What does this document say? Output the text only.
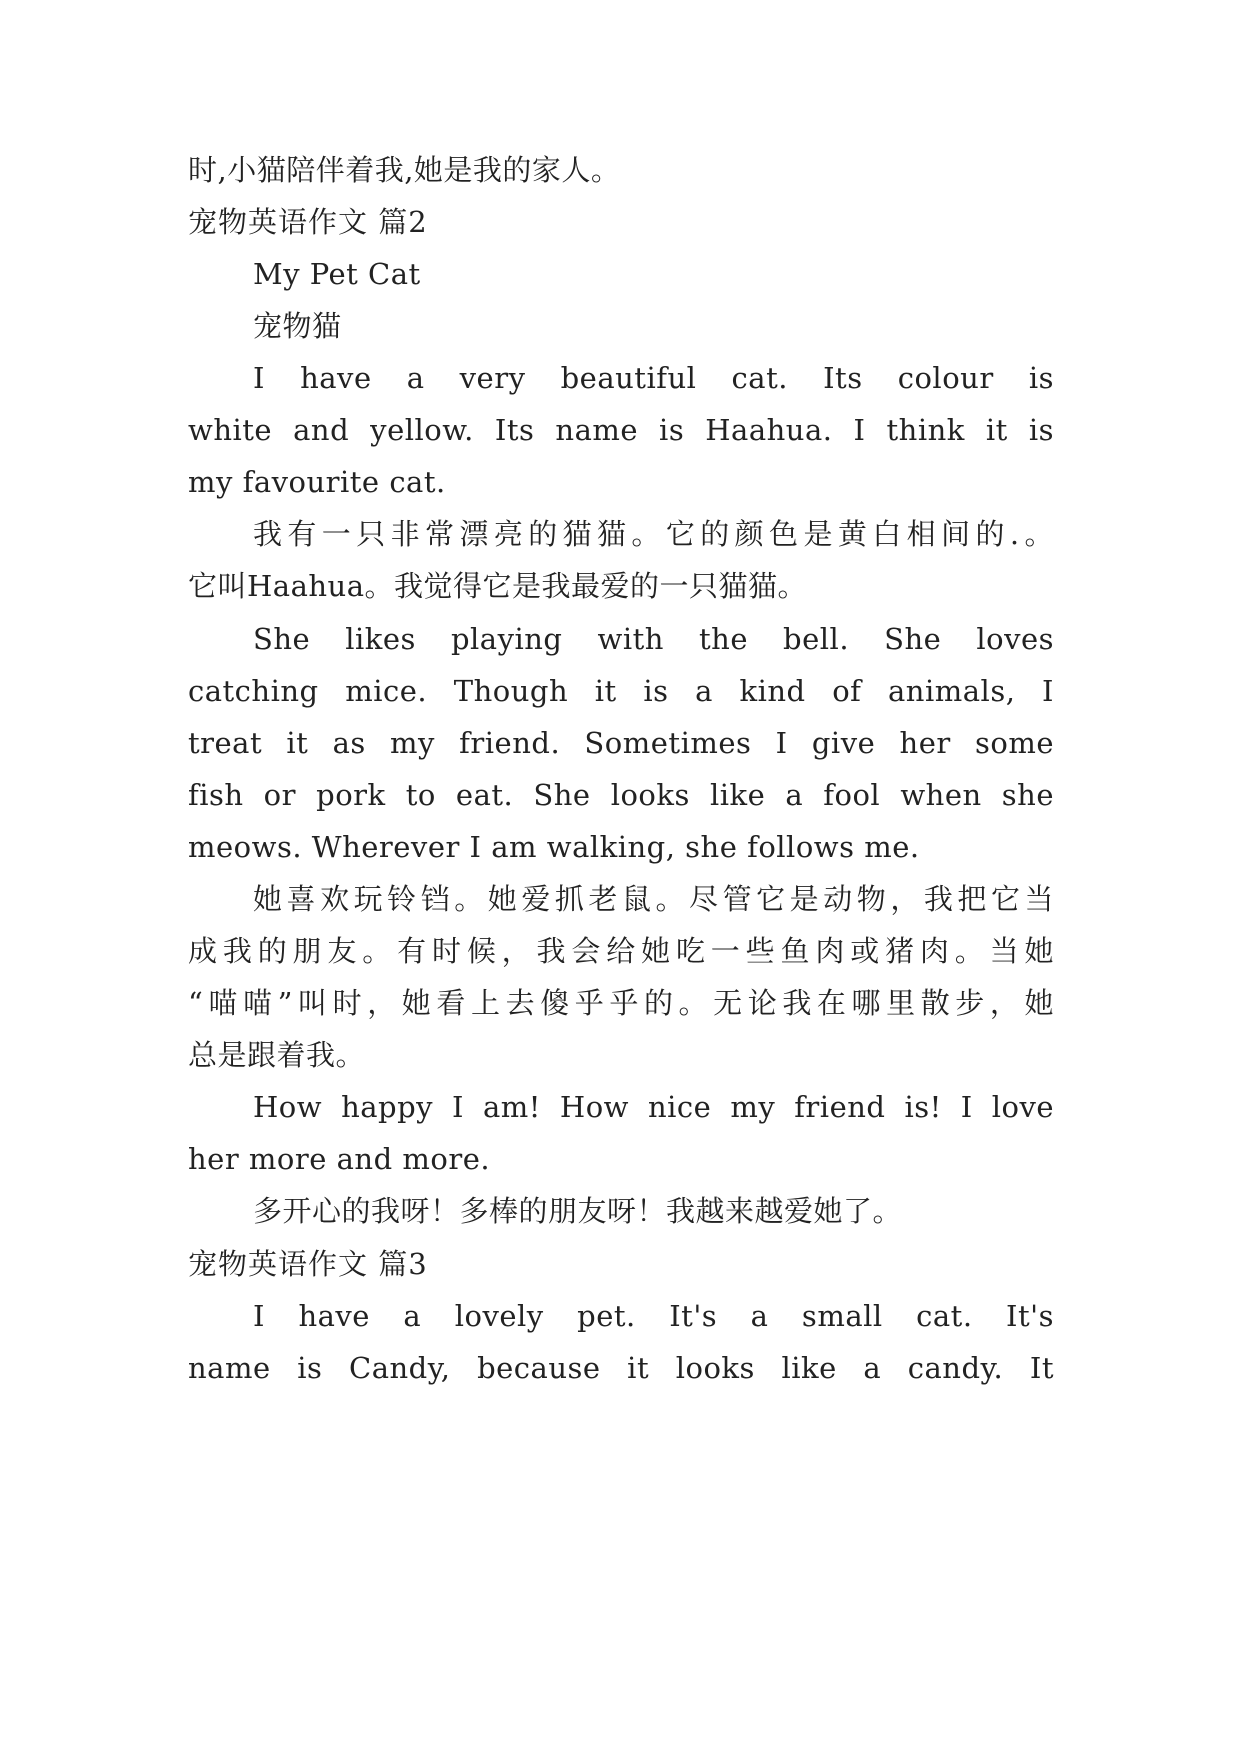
时,小猫陪伴着我,她是我的家人。
宠物英语作文 篇2
My Pet Cat
宠物猫
I have a very beautiful cat. Its colour is
white and yellow. Its name is Haahua. I think it is
my favourite cat.
我有一只非常漂亮的猫猫。它的颜色是黄白相间的.。
它叫Haahua。我觉得它是我最爱的一只猫猫。
She likes playing with the bell. She loves
catching mice. Though it is a kind of animals, I
treat it as my friend. Sometimes I give her some
fish or pork to eat. She looks like a fool when she
meows. Wherever I am walking, she follows me.
她喜欢玩铃铛。她爱抓老鼠。尽管它是动物，我把它当
成我的朋友。有时候，我会给她吃一些鱼肉或猪肉。当她
“喵喵”叫时，她看上去傻乎乎的。无论我在哪里散步，她
总是跟着我。
How happy I am! How nice my friend is! I love
her more and more.
多开心的我呀！多棒的朋友呀！我越来越爱她了。
宠物英语作文 篇3
I have a lovely pet. It's a small cat. It's
name is Candy, because it looks like a candy. It
